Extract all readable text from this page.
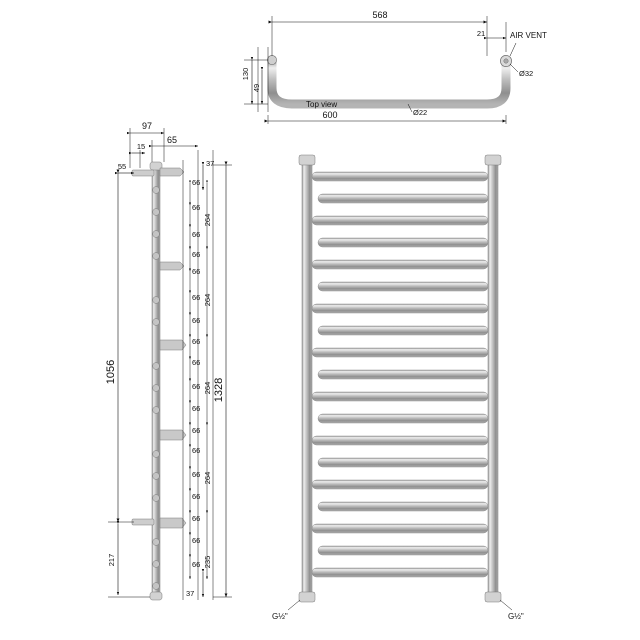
568
21
600
130
49
Top view
Ø22
Ø32
AIR VENT
97
65
15
55	37
37
66
66
66
66
66
66
66
66
66
66
66
66
66
66
66
66
66
66
264
264
264
264
235
1056
217
1328
G½"	G½"
